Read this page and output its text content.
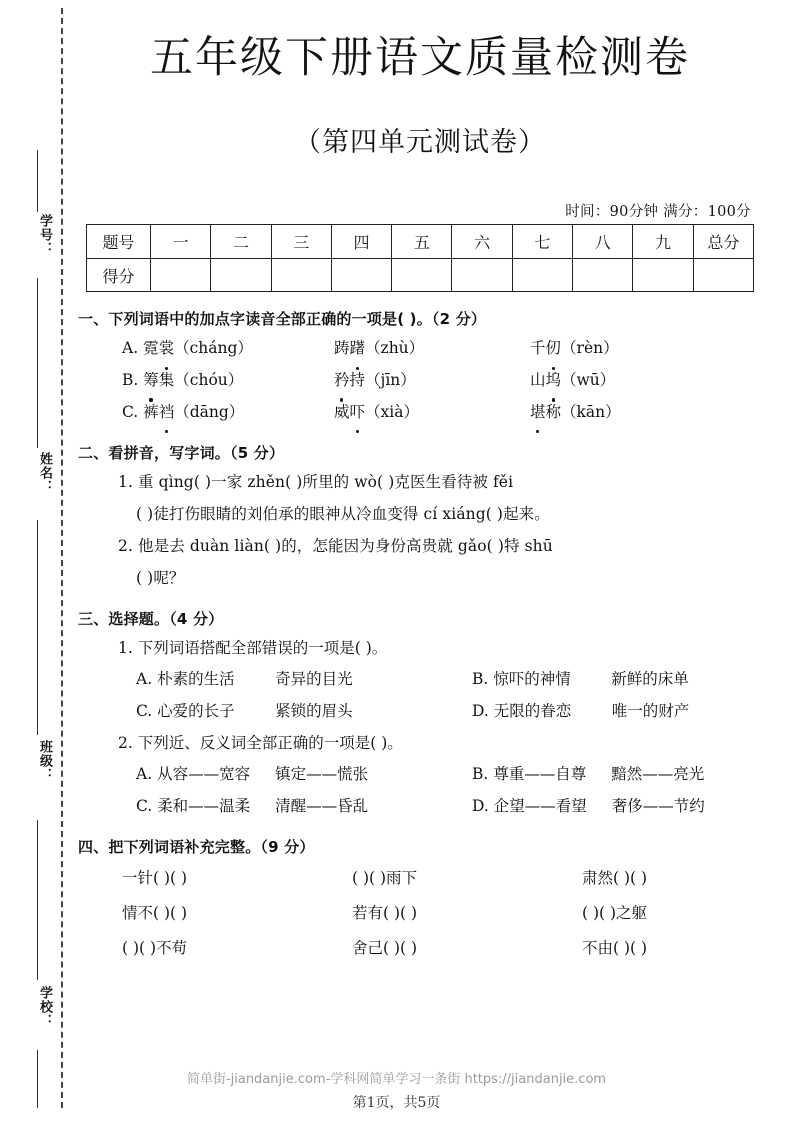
学号：
姓名：
班级：
学校：
五年级下册语文质量检测卷
（第四单元测试卷）
时间：90分钟 满分：100分
题号	一	二	三	四	五	六	七	八	九	总分
得分										
一、下列词语中的加点字读音全部正确的一项是( )。（2 分）
A. 霓裳（cháng）	踌躇（zhù）	千仞（rèn）
B. 筹集（chóu）	矜持（jīn）	山坞（wū）
C. 裤裆（dāng）	威吓（xià）	堪称（kān）
二、看拼音，写字词。（5 分）
1. 重 qìng( )一家 zhěn( )所里的 wò( )克医生看待被 fěi
( )徒打伤眼睛的刘伯承的眼神从冷血变得 cí xiáng( )起来。
2. 他是去 duàn liàn( )的，怎能因为身份高贵就 gǎo( )特 shū
( )呢？
三、选择题。（4 分）
1. 下列词语搭配全部错误的一项是( )。
A. 朴素的生活	奇异的目光	B. 惊吓的神情	新鲜的床单
C. 心爱的长子	紧锁的眉头	D. 无限的眷恋	唯一的财产
2. 下列近、反义词全部正确的一项是( )。
A. 从容——宽容 镇定——慌张	B. 尊重——自尊 黯然——亮光
C. 柔和——温柔 清醒——昏乱	D. 企望——看望 奢侈——节约
四、把下列词语补充完整。（9 分）
一针( )( )	( )( )雨下	肃然( )( )
情不( )( )	若有( )( )	( )( )之躯
( )( )不苟	舍己( )( )	不由( )( )
简单街-jiandanjie.com-学科网简单学习一条街 https://jiandanjie.com
第1页，共5页
